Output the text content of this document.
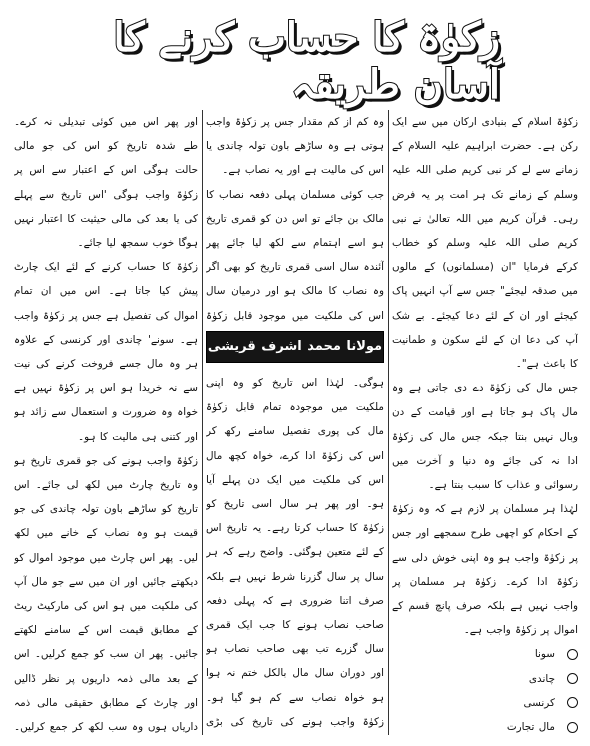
زکوٰۃ کا حساب کرنے کا آسان طریقہ

زکوٰۃ اسلام کے بنیادی ارکان میں سے ایک رکن ہے۔ حضرت ابراہیم علیہ السلام کے زمانے سے لے کر نبی کریم صلی اللہ علیہ وسلم کے زمانے تک ہر امت پر یہ فرض رہی۔ قرآن کریم میں اللہ تعالیٰ نے نبی کریم صلی اللہ علیہ وسلم کو خطاب کرکے فرمایا "ان (مسلمانوں) کے مالوں میں صدقہ لیجئے" جس سے آپ انہیں پاک کیجئے اور ان کے لئے دعا کیجئے۔ بے شک آپ کی دعا ان کے لئے سکون و طمانیت کا باعث ہے"۔

جس مال کی زکوٰۃ دے دی جاتی ہے وہ مال پاک ہو جاتا ہے اور قیامت کے دن وبال نہیں بنتا جبکہ جس مال کی زکوٰۃ ادا نہ کی جائے وہ دنیا و آخرت میں رسوائی و عذاب کا سبب بنتا ہے۔

لہٰذا ہر مسلمان پر لازم ہے کہ وہ زکوٰۃ کے احکام کو اچھی طرح سمجھے اور جس پر زکوٰۃ واجب ہو وہ اپنی خوش دلی سے زکوٰۃ ادا کرے۔ زکوٰۃ ہر مسلمان پر واجب نہیں ہے بلکہ صرف پانچ قسم کے اموال پر زکوٰۃ واجب ہے۔

سونا
چاندی
کرنسی
مال تجارت

وہ کم از کم مقدار جس پر زکوٰۃ واجب ہوتی ہے وہ ساڑھے باون تولہ چاندی یا اس کی مالیت ہے اور یہ نصاب ہے۔

جب کوئی مسلمان پہلی دفعہ نصاب کا مالک بن جائے تو اس دن کو قمری تاریخ ہو اسے اہتمام سے لکھ لیا جائے پھر آئندہ سال اسی قمری تاریخ کو بھی اگر وہ نصاب کا مالک ہو اور درمیان سال اس کی ملکیت میں موجود قابل زکوٰۃ

مولانا محمد اشرف قریشی

ہوگی۔ لہٰذا اس تاریخ کو وہ اپنی ملکیت میں موجودہ تمام قابل زکوٰۃ مال کی پوری تفصیل سامنے رکھ کر اس کی زکوٰۃ ادا کرے، خواہ کچھ مال اس کی ملکیت میں ایک دن پہلے آیا ہو۔ اور پھر ہر سال اسی تاریخ کو زکوٰۃ کا حساب کرتا رہے۔ یہ تاریخ اس کے لئے متعین ہوگئی۔ واضح رہے کہ ہر سال پر سال گزرنا شرط نہیں ہے بلکہ صرف اتنا ضروری ہے کہ پہلی دفعہ صاحب نصاب ہونے کا جب ایک قمری سال گزرے تب بھی صاحب نصاب ہو اور دوران سال مال بالکل ختم نہ ہوا ہو خواہ نصاب سے کم ہو گیا ہو۔ زکوٰۃ واجب ہونے کی تاریخ کی بڑی

اور پھر اس میں کوئی تبدیلی نہ کرے۔ طے شدہ تاریخ کو اس کی جو مالی حالت ہوگی اس کے اعتبار سے اس پر زکوٰۃ واجب ہوگی 'اس تاریخ سے پہلے کی یا بعد کی مالی حیثیت کا اعتبار نہیں ہوگا خوب سمجھ لیا جائے۔

زکوٰۃ کا حساب کرنے کے لئے ایک چارٹ پیش کیا جاتا ہے۔ اس میں ان تمام اموال کی تفصیل ہے جس پر زکوٰۃ واجب ہے۔ سونے' چاندی اور کرنسی کے علاوہ ہر وہ مال جسے فروخت کرنے کی نیت سے نہ خریدا ہو اس پر زکوٰۃ نہیں ہے خواہ وہ ضرورت و استعمال سے زائد ہو اور کتنی ہی مالیت کا ہو۔

زکوٰۃ واجب ہونے کی جو قمری تاریخ ہو وہ تاریخ چارٹ میں لکھ لی جائے۔ اس تاریخ کو ساڑھے باون تولہ چاندی کی جو قیمت ہو وہ نصاب کے خانے میں لکھ لیں۔ پھر اس چارٹ میں موجود اموال کو دیکھتے جائیں اور ان میں سے جو مال آپ کی ملکیت میں ہو اس کی مارکیٹ ریٹ کے مطابق قیمت اس کے سامنے لکھتے جائیں۔ پھر ان سب کو جمع کرلیں۔ اس کے بعد مالی ذمہ داریوں پر نظر ڈالیں اور چارٹ کے مطابق حقیقی مالی ذمہ داریاں ہوں وہ سب لکھ کر جمع کرلیں۔
